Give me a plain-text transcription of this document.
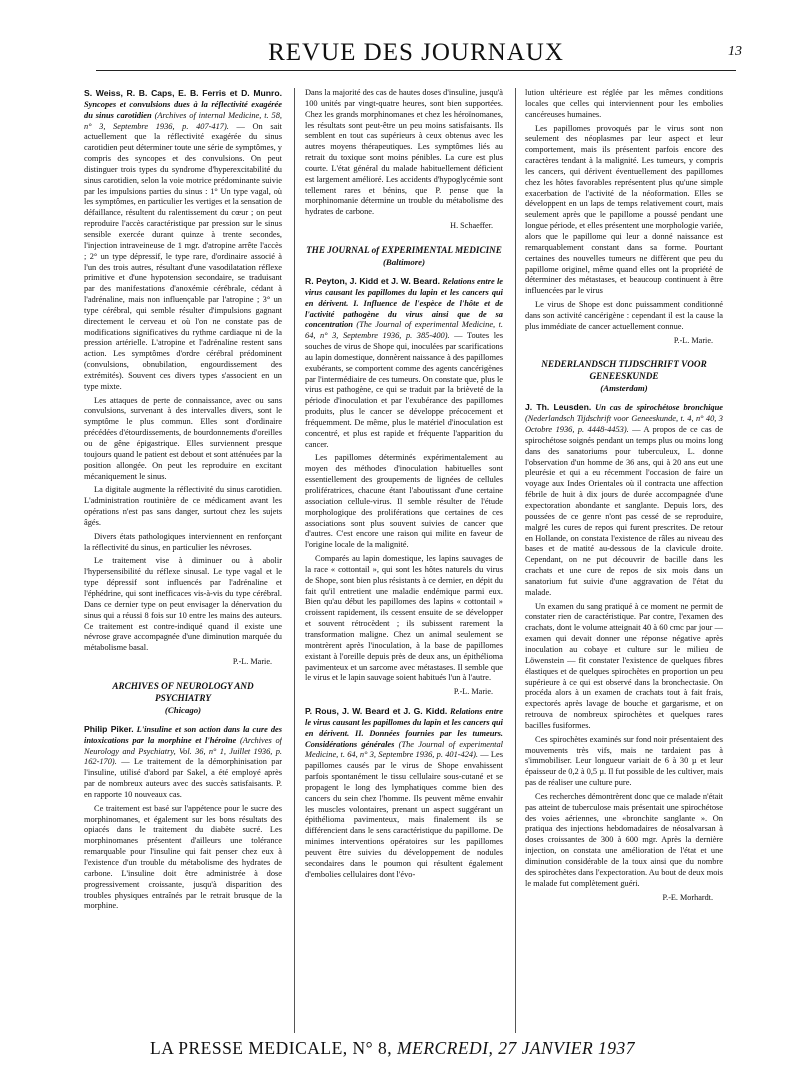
REVUE DES JOURNAUX	13

S. Weiss, R. B. Caps, E. B. Ferris et D. Munro. Syncopes et convulsions dues à la réflectivité exagérée du sinus carotidien (Archives of internal Medicine, t. 58, n° 3, Septembre 1936, p. 407-417). — On sait actuellement que la réflectivité exagérée du sinus carotidien peut déterminer toute une série de symptômes, y compris des syncopes et des convulsions. On peut distinguer trois types du syndrome d'hyperexcitabilité du sinus carotidien, selon la voie motrice prédominante suivie par les impulsions parties du sinus : 1° Un type vagal, où les symptômes, en particulier les vertiges et la sensation de défaillance, résultent du ralentissement du cœur ; on peut reproduire l'accès caractéristique par pression sur le sinus sensible exercée durant quinze à trente secondes, l'injection intraveineuse de 1 mgr. d'atropine arrête l'accès ; 2° un type dépressif, le type rare, d'ordinaire associé à l'un des trois autres, résultant d'une vasodilatation réflexe primitive et d'une hypotension secondaire, se traduisant par des manifestations d'anoxémie cérébrale, cédant à l'adrénaline, mais non influençable par l'atropine ; 3° un type cérébral, qui semble résulter d'impulsions gagnant directement le cerveau et où l'on ne constate pas de modifications significatives du rythme cardiaque ni de la pression artérielle. L'atropine et l'adrénaline restent sans action. Les symptômes d'ordre cérébral prédominent (convulsions, obnubilation, engourdissement des extrémités). Souvent ces divers types s'associent en un type mixte.

Les attaques de perte de connaissance, avec ou sans convulsions, survenant à des intervalles divers, sont le symptôme le plus commun. Elles sont d'ordinaire précédées d'étourdissements, de bourdonnements d'oreilles ou de gêne épigastrique. Elles surviennent presque toujours quand le patient est debout et sont atténuées par la position allongée. On peut les reproduire en excitant mécaniquement le sinus.

La digitale augmente la réflectivité du sinus carotidien. L'administration routinière de ce médicament avant les opérations n'est pas sans danger, surtout chez les sujets âgés.

Divers états pathologiques interviennent en renforçant la réflectivité du sinus, en particulier les névroses.

Le traitement vise à diminuer ou à abolir l'hypersensibilité du réflexe sinusal. Le type vagal et le type dépressif sont influencés par l'adrénaline et l'éphédrine, qui sont inefficaces vis-à-vis du type cérébral. Dans ce dernier type on peut envisager la dénervation du sinus qui a réussi 8 fois sur 10 entre les mains des auteurs. Ce traitement est contre-indiqué quand il existe une névrose grave accompagnée d'une diminution marquée du métabolisme basal.

P.-L. Marie.
ARCHIVES OF NEUROLOGY AND PSYCHIATRY
(Chicago)

Philip Piker. L'insuline et son action dans la cure des intoxications par la morphine et l'héroïne (Archives of Neurology and Psychiatry, Vol. 36, n° 1, Juillet 1936, p. 162-170). — Le traitement de la démorphinisation par l'insuline, utilisé d'abord par Sakel, a été employé après par de nombreux auteurs avec des succès satisfaisants. P. en rapporte 10 nouveaux cas.

Ce traitement est basé sur l'appétence pour le sucre des morphinomanes, et également sur les bons résultats des opiacés dans le traitement du diabète sucré. Les morphinomanes présentent d'ailleurs une tolérance remarquable pour l'insuline qui fait penser chez eux à l'existence d'un trouble du métabolisme des hydrates de carbone. L'insuline doit être administrée à dose progressivement croissante, jusqu'à disparition des troubles physiques entraînés par le retrait brusque de la morphine.

Dans la majorité des cas de hautes doses d'insuline, jusqu'à 100 unités par vingt-quatre heures, sont bien supportées. Chez les grands morphinomanes et chez les héroïnomanes, les résultats sont peut-être un peu moins satisfaisants. Ils semblent en tout cas supérieurs à ceux obtenus avec les autres moyens thérapeutiques. Les symptômes liés au retrait du toxique sont moins pénibles. La cure est plus courte. L'état général du malade habituellement déficient est largement amélioré. Les accidents d'hypoglycémie sont tellement rares et bénins, que P. pense que la morphinomanie détermine un trouble du métabolisme des hydrates de carbone.

H. Schaeffer.
THE JOURNAL of EXPERIMENTAL MEDICINE
(Baltimore)

R. Peyton, J. Kidd et J. W. Beard. Relations entre le virus causant les papillomes du lapin et les cancers qui en dérivent. I. Influence de l'espèce de l'hôte et de l'activité pathogène du virus ainsi que de sa concentration (The Journal of experimental Medicine, t. 64, n° 3, Septembre 1936, p. 385-400). — Toutes les souches de virus de Shope qui, inoculées par scarifications au lapin domestique, donnèrent naissance à des papillomes exubérants, se comportent comme des agents cancérigènes par l'intermédiaire de ces tumeurs. On constate que, plus le virus est pathogène, ce qui se traduit par la brièveté de la période d'inoculation et par l'exubérance des papillomes produits, plus le cancer se développe précocement et fréquemment. De même, plus le matériel d'inoculation est concentré, et plus est rapide et fréquente l'apparition du cancer.

Les papillomes déterminés expérimentalement au moyen des méthodes d'inoculation habituelles sont essentiellement des groupements de lignées de cellules prolifératrices, chacune étant l'aboutissant d'une certaine association cellule-virus. Il semble résulter de l'étude morphologique des proliférations que certaines de ces associations sont plus souvent suivies de cancer que d'autres. C'est encore une raison qui milite en faveur de l'origine locale de la malignité.

Comparés au lapin domestique, les lapins sauvages de la race « cottontail », qui sont les hôtes naturels du virus de Shope, sont bien plus résistants à ce dernier, en dépit du fait qu'il entretient une maladie endémique parmi eux. Bien qu'au début les papillomes des lapins « cottontail » croissent rapidement, ils cessent ensuite de se développer et souvent rétrocèdent ; ils subissent rarement la transformation maligne. Chez un animal seulement se montrèrent après l'inoculation, à la base de papillomes existant à l'oreille depuis près de deux ans, un épithélioma pavimenteux et un sarcome avec métastases. Il semble que le virus et le lapin sauvage soient habitués l'un à l'autre.

P.-L. Marie.

P. Rous, J. W. Beard et J. G. Kidd. Relations entre le virus causant les papillomes du lapin et les cancers qui en dérivent. II. Données fournies par les tumeurs. Considérations générales (The Journal of experimental Medicine, t. 64, n° 3, Septembre 1936, p. 401-424). — Les papillomes causés par le virus de Shope envahissent parfois spontanément le tissu cellulaire sous-cutané et se propagent le long des lymphatiques comme bien des cancers du sein chez l'homme. Ils peuvent même envahir les muscles volontaires, prenant un aspect suggérant un épithélioma pavimenteux, mais finalement ils se différencient dans le sens caractéristique du papillome. De minimes interventions opératoires sur les papillomes peuvent être suivies du développement de nodules secondaires dans le poumon qui résultent également d'embolies cellulaires dont l'évo-

lution ultérieure est réglée par les mêmes conditions locales que celles qui interviennent pour les embolies cancéreuses humaines.

Les papillomes provoqués par le virus sont non seulement des néoplasmes par leur aspect et leur comportement, mais ils présentent parfois encore des caractères tendant à la malignité. Les tumeurs, y compris les cancers, qui dérivent éventuellement des papillomes chez les hôtes favorables représentent plus qu'une simple exacerbation de l'activité de la néoformation. Elles se développent en un laps de temps relativement court, mais seulement après que le papillome a poussé pendant une longue période, et elles présentent une morphologie variée, alors que le papillome qui leur a donné naissance est remarquablement constant dans sa forme. Pourtant certaines des nouvelles tumeurs ne diffèrent que peu du papillome originel, même quand elles ont la propriété de déterminer des métastases, et beaucoup continuent à être influencées par le virus

Le virus de Shope est donc puissamment conditionné dans son activité cancérigène : cependant il est la cause la plus immédiate de cancer actuellement connue.

P.-L. Marie.
NEDERLANDSCH TIJDSCHRIFT VOOR GENEESKUNDE
(Amsterdam)

J. Th. Leusden. Un cas de spirochétose bronchique (Nederlandsch Tijdschrift voor Geneeskunde, t. 4, n° 40, 3 Octobre 1936, p. 4448-4453). — A propos de ce cas de spirochétose soignés pendant un temps plus ou moins long dans des sanatoriums pour tuberculeux, L. donne l'observation d'un homme de 36 ans, qui à 20 ans eut une pleurésie et qui a eu récemment l'occasion de faire un voyage aux Indes Orientales où il contracta une affection fébrile de huit à dix jours de durée accompagnée d'une expectoration abondante et sanglante. Depuis lors, des poussées de ce genre n'ont pas cessé de se reproduire, malgré les cures de repos qui furent prescrites. De retour en Hollande, on constata l'existence de râles au niveau des bases et de matité au-dessous de la clavicule droite. Cependant, on ne put découvrir de bacille dans les crachats et une cure de repos de six mois dans un sanatorium fut suivie d'une aggravation de l'état du malade.

Un examen du sang pratiqué à ce moment ne permit de constater rien de caractéristique. Par contre, l'examen des crachats, dont le volume atteignait 40 à 60 cmc par jour — examen qui devait donner une réponse négative après inoculation au cobaye et culture sur le milieu de Löwenstein — fit constater l'existence de quelques fibres élastiques et de quelques spirochètes en proportion un peu supérieure à ce qui est observé dans la bronchectasie. On procéda alors à un examen de crachats tout à fait frais, expectorés après lavage de bouche et gargarisme, et on retrouva de nombreux spirochètes et quelques rares bacilles fusiformes.

Ces spirochètes examinés sur fond noir présentaient des mouvements très vifs, mais ne tardaient pas à s'immobiliser. Leur longueur variait de 6 à 30 µ et leur épaisseur de 0,2 à 0,5 µ. Il fut possible de les cultiver, mais pas de réaliser une culture pure.

Ces recherches démontrèrent donc que ce malade n'était pas atteint de tuberculose mais présentait une spirochétose des voies aériennes, une «bronchite sanglante ». On pratiqua des injections hebdomadaires de néosalvarsan à doses croissantes de 300 à 600 mgr. Après la dernière injection, on constata une amélioration de l'état et une diminution considérable de la toux ainsi que du nombre des spirochètes dans l'expectoration. Au bout de deux mois le malade fut complètement guéri.

P.-E. Morhardt.
LA PRESSE MEDICALE, N° 8, MERCREDI, 27 JANVIER 1937
